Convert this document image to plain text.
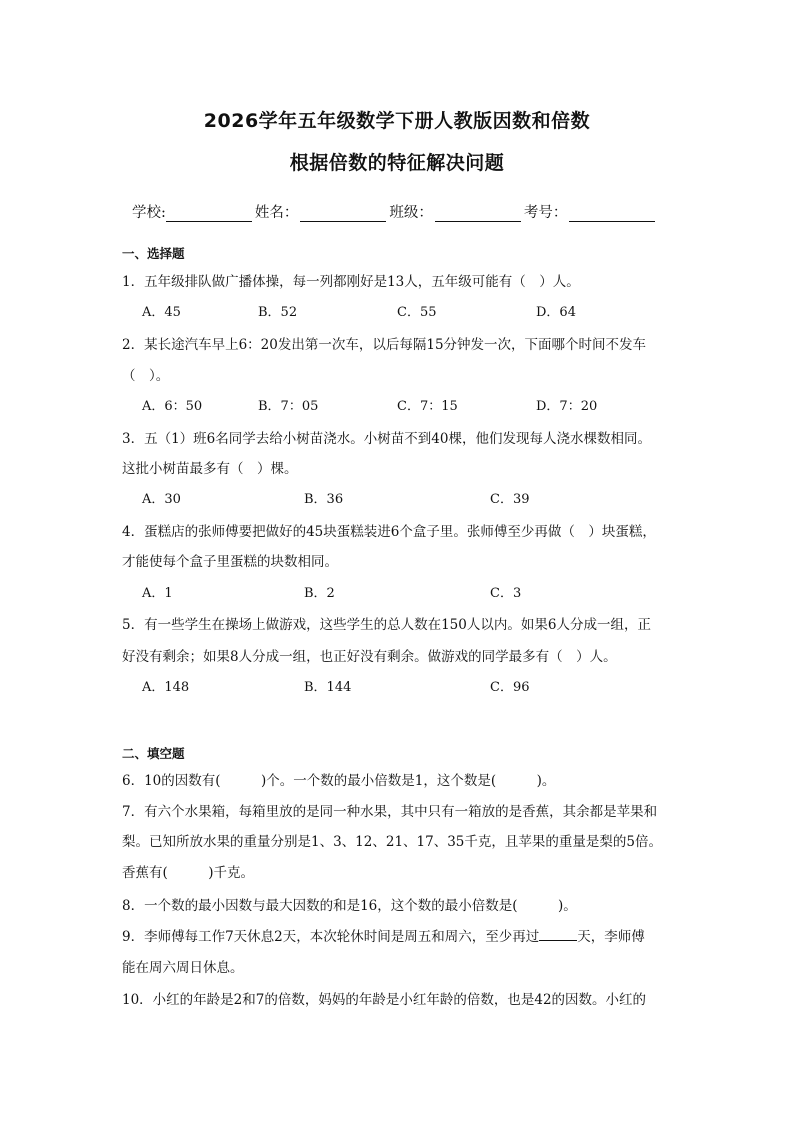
2026学年五年级数学下册人教版因数和倍数
根据倍数的特征解决问题
学校:	姓名：	班级：	考号：
一、选择题
1．五年级排队做广播体操，每一列都刚好是13人，五年级可能有（　）人。
A．45	B．52	C．55	D．64
2．某长途汽车早上6：20发出第一次车，以后每隔15分钟发一次，下面哪个时间不发车
（　）。
A．6：50	B．7：05	C．7：15	D．7：20
3．五（1）班6名同学去给小树苗浇水。小树苗不到40棵，他们发现每人浇水棵数相同。
这批小树苗最多有（　）棵。
A．30	B．36	C．39
4．蛋糕店的张师傅要把做好的45块蛋糕装进6个盒子里。张师傅至少再做（　）块蛋糕，
才能使每个盒子里蛋糕的块数相同。
A．1	B．2	C．3
5．有一些学生在操场上做游戏，这些学生的总人数在150人以内。如果6人分成一组，正
好没有剩余；如果8人分成一组，也正好没有剩余。做游戏的同学最多有（　）人。
A．148	B．144	C．96
二、填空题
6．10的因数有(　　　)个。一个数的最小倍数是1，这个数是(　　　)。
7．有六个水果箱，每箱里放的是同一种水果，其中只有一箱放的是香蕉，其余都是苹果和
梨。已知所放水果的重量分别是1、3、12、21、17、35千克，且苹果的重量是梨的5倍。
香蕉有(　　　)千克。
8．一个数的最小因数与最大因数的和是16，这个数的最小倍数是(　　　)。
9．李师傅每工作7天休息2天，本次轮休时间是周五和周六，至少再过	天，李师傅
能在周六周日休息。
10．小红的年龄是2和7的倍数，妈妈的年龄是小红年龄的倍数，也是42的因数。小红的
